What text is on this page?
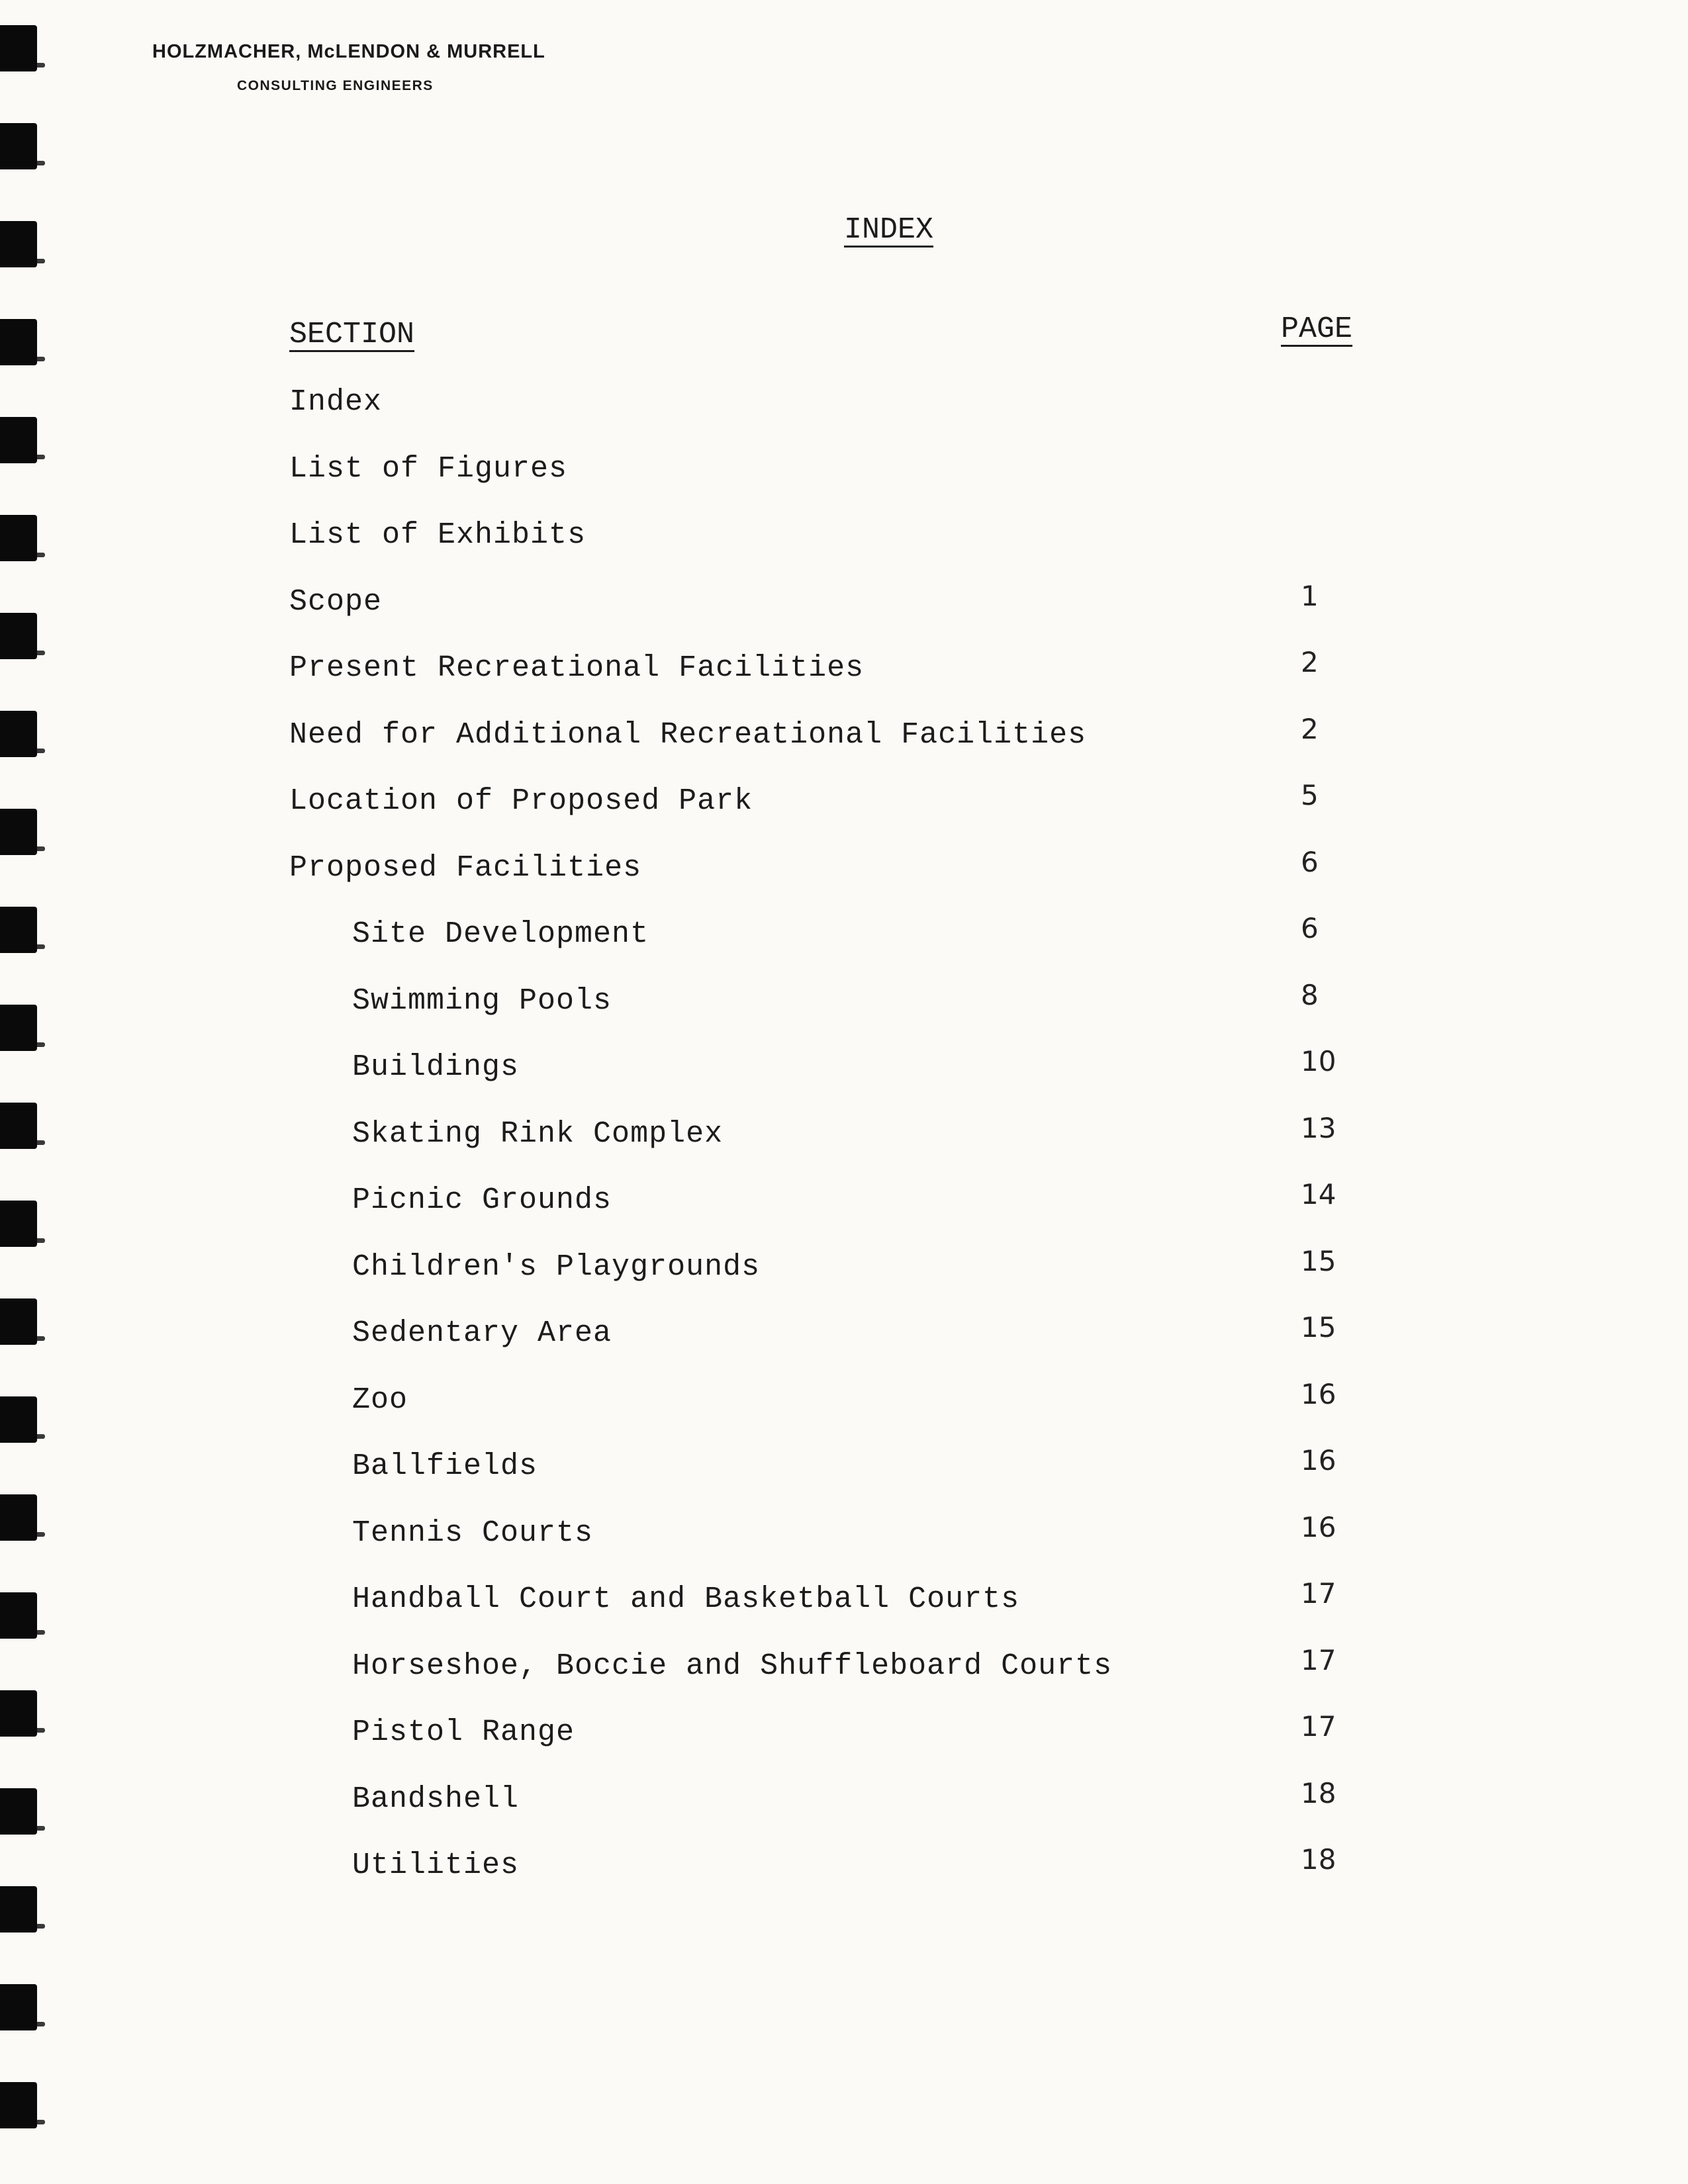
HOLZMACHER, McLENDON & MURRELL
CONSULTING ENGINEERS
INDEX
SECTION	PAGE
Index
List of Figures
List of Exhibits
Scope	1
Present Recreational Facilities	2
Need for Additional Recreational Facilities	2
Location of Proposed Park	5
Proposed Facilities	6
Site Development	6
Swimming Pools	8
Buildings	10
Skating Rink Complex	13
Picnic Grounds	14
Children's Playgrounds	15
Sedentary Area	15
Zoo	16
Ballfields	16
Tennis Courts	16
Handball Court and Basketball Courts	17
Horseshoe, Boccie and Shuffleboard Courts	17
Pistol Range	17
Bandshell	18
Utilities	18
